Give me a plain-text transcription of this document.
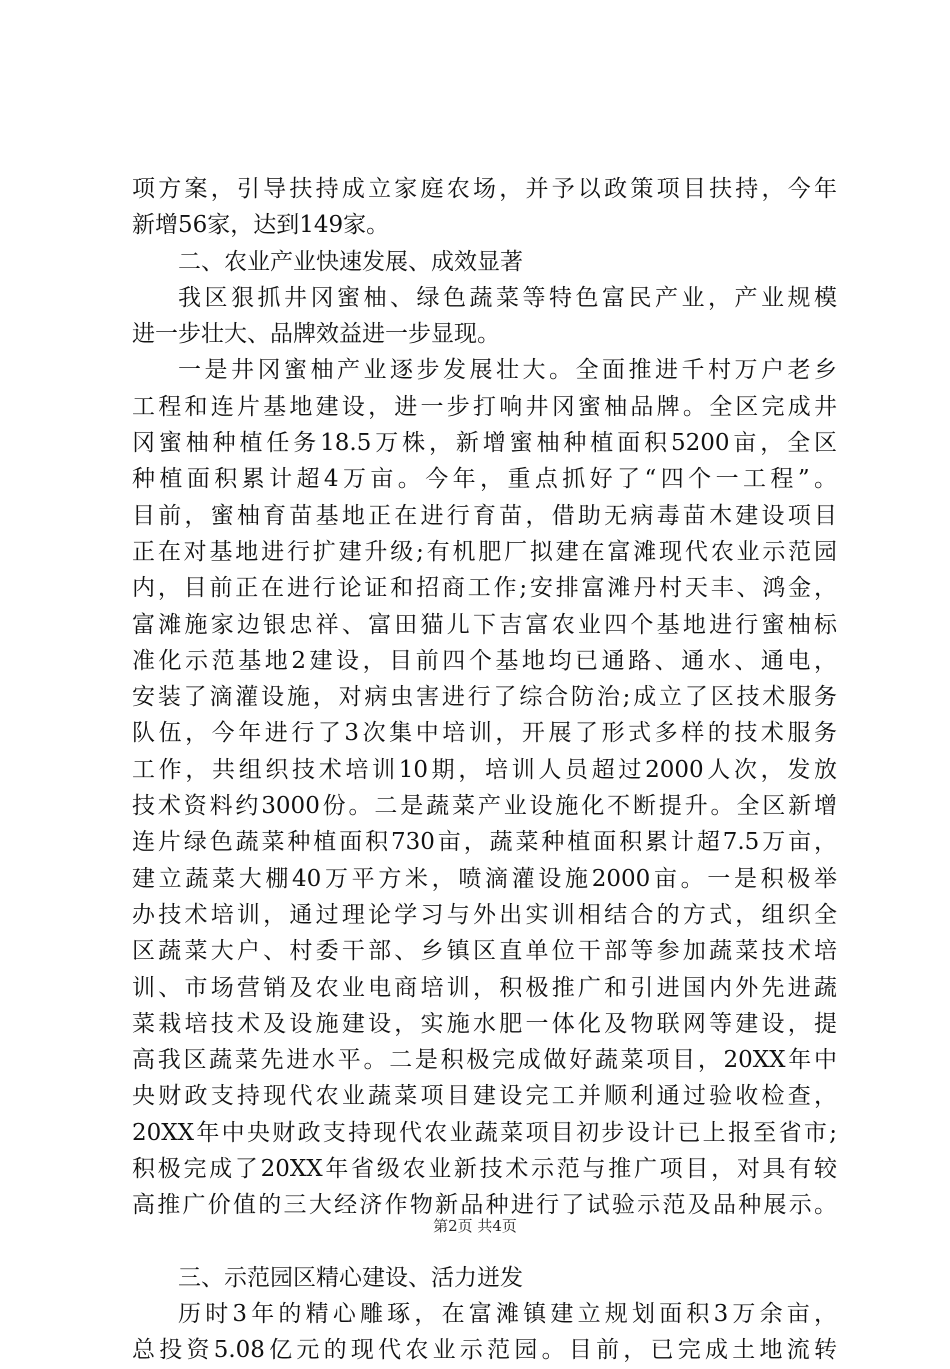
项方案，引导扶持成立家庭农场，并予以政策项目扶持，今年
新增56家，达到149家。
二、农业产业快速发展、成效显著
我区狠抓井冈蜜柚、绿色蔬菜等特色富民产业，产业规模
进一步壮大、品牌效益进一步显现。
一是井冈蜜柚产业逐步发展壮大。全面推进千村万户老乡
工程和连片基地建设，进一步打响井冈蜜柚品牌。全区完成井
冈蜜柚种植任务18.5万株，新增蜜柚种植面积5200亩，全区
种植面积累计超4万亩。今年，重点抓好了“四个一工程”。
目前，蜜柚育苗基地正在进行育苗，借助无病毒苗木建设项目
正在对基地进行扩建升级;有机肥厂拟建在富滩现代农业示范园
内，目前正在进行论证和招商工作;安排富滩丹村天丰、鸿金，
富滩施家边银忠祥、富田猫儿下吉富农业四个基地进行蜜柚标
准化示范基地2建设，目前四个基地均已通路、通水、通电，
安装了滴灌设施，对病虫害进行了综合防治;成立了区技术服务
队伍，今年进行了3次集中培训，开展了形式多样的技术服务
工作，共组织技术培训10期，培训人员超过2000人次，发放
技术资料约3000份。二是蔬菜产业设施化不断提升。全区新增
连片绿色蔬菜种植面积730亩，蔬菜种植面积累计超7.5万亩，
建立蔬菜大棚40万平方米，喷滴灌设施2000亩。一是积极举
办技术培训，通过理论学习与外出实训相结合的方式，组织全
区蔬菜大户、村委干部、乡镇区直单位干部等参加蔬菜技术培
训、市场营销及农业电商培训，积极推广和引进国内外先进蔬
菜栽培技术及设施建设，实施水肥一体化及物联网等建设，提
高我区蔬菜先进水平。二是积极完成做好蔬菜项目，20XX年中
央财政支持现代农业蔬菜项目建设完工并顺利通过验收检查，
20XX年中央财政支持现代农业蔬菜项目初步设计已上报至省市;
积极完成了20XX年省级农业新技术示范与推广项目，对具有较
高推广价值的三大经济作物新品种进行了试验示范及品种展示。
三、示范园区精心建设、活力迸发
历时3年的精心雕琢，在富滩镇建立规划面积3万余亩，
总投资5.08亿元的现代农业示范园。目前，已完成土地流转
第2页 共4页
